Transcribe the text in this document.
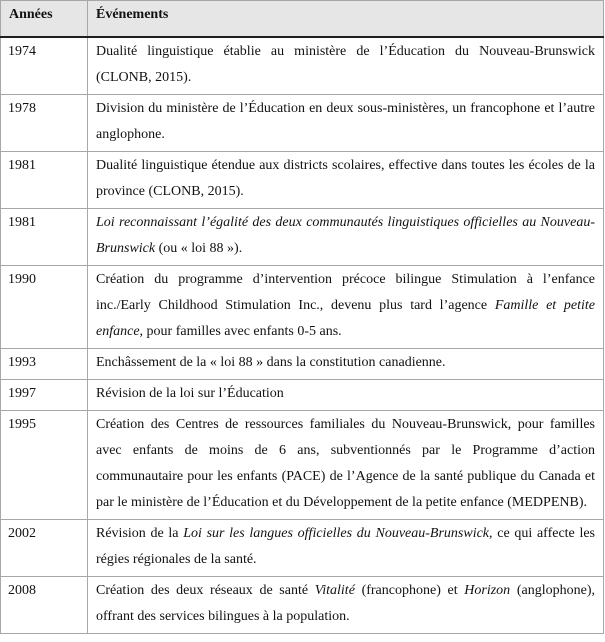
Années	Événements
1974	Dualité linguistique établie au ministère de l’Éducation du Nouveau-Brunswick (CLONB, 2015).
1978	Division du ministère de l’Éducation en deux sous-ministères, un francophone et l’autre anglophone.
1981	Dualité linguistique étendue aux districts scolaires, effective dans toutes les écoles de la province (CLONB, 2015).
1981	Loi reconnaissant l’égalité des deux communautés linguistiques officielles au Nouveau-Brunswick (ou « loi 88 »).
1990	Création du programme d’intervention précoce bilingue Stimulation à l’enfance inc./Early Childhood Stimulation Inc., devenu plus tard l’agence Famille et petite enfance, pour familles avec enfants 0-5 ans.
1993	Enchâssement de la « loi 88 » dans la constitution canadienne.
1997	Révision de la loi sur l’Éducation
1995	Création des Centres de ressources familiales du Nouveau-Brunswick, pour familles avec enfants de moins de 6 ans, subventionnés par le Programme d’action communautaire pour les enfants (PACE) de l’Agence de la santé publique du Canada et par le ministère de l’Éducation et du Développement de la petite enfance (MEDPENB).
2002	Révision de la Loi sur les langues officielles du Nouveau-Brunswick, ce qui affecte les régies régionales de la santé.
2008	Création des deux réseaux de santé Vitalité (francophone) et Horizon (anglophone), offrant des services bilingues à la population.
